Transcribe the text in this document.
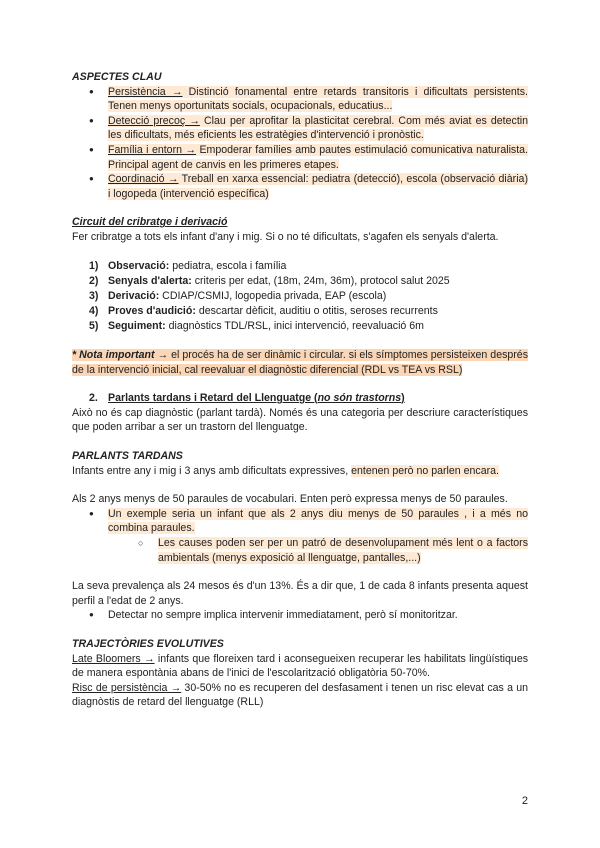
ASPECTES CLAU

● Persistència → Distinció fonamental entre retards transitoris i dificultats persistents. Tenen menys oportunitats socials, ocupacionals, educatius...
● Detecció precoç → Clau per aprofitar la plasticitat cerebral. Com més aviat es detectin les dificultats, més eficients les estratègies d'intervenció i pronòstic.
● Família i entorn → Empoderar famílies amb pautes estimulació comunicativa naturalista. Principal agent de canvis en les primeres etapes.
● Coordinació → Treball en xarxa essencial: pediatra (detecció), escola (observació diària) i logopeda (intervenció específica)

Circuit del cribratge i derivació

Fer cribratge a tots els infant d'any i mig. Si o no té dificultats, s'agafen els senyals d'alerta.

1) Observació: pediatra, escola i família
2) Senyals d'alerta: criteris per edat, (18m, 24m, 36m), protocol salut 2025
3) Derivació: CDIAP/CSMIJ, logopedia privada, EAP (escola)
4) Proves d'audició: descartar dèficit, auditiu o otitis, seroses recurrents
5) Seguiment: diagnòstics TDL/RSL, inici intervenció, reevaluació 6m

* Nota important → el procés ha de ser dinàmic i circular. si els símptomes persisteixen després de la intervenció inicial, cal reevaluar el diagnòstic diferencial (RDL vs TEA vs RSL)

2. Parlants tardans i Retard del Llenguatge (no són trastorns)

Això no és cap diagnòstic (parlant tardà). Només és una categoria per descriure característiques que poden arribar a ser un trastorn del llenguatge.

PARLANTS TARDANS

Infants entre any i mig i 3 anys amb dificultats expressives, entenen però no parlen encara.

Als 2 anys menys de 50 paraules de vocabulari. Enten però expressa menys de 50 paraules.

● Un exemple seria un infant que als 2 anys diu menys de 50 paraules , i a més no combina paraules.
○ Les causes poden ser per un patró de desenvolupament més lent o a factors ambientals (menys exposició al llenguatge, pantalles,...)

La seva prevalença als 24 mesos és d'un 13%. És a dir que, 1 de cada 8 infants presenta aquest perfil a l'edat de 2 anys.

● Detectar no sempre implica intervenir immediatament, però sí monitoritzar.

TRAJECTÒRIES EVOLUTIVES

Late Bloomers → infants que floreixen tard i aconsegueixen recuperar les habilitats lingüístiques de manera espontània abans de l'inici de l'escolarització obligatòria 50-70%.

Risc de persistència → 30-50% no es recuperen del desfasament i tenen un risc elevat cas a un diagnòstis de retard del llenguatge (RLL)

2
